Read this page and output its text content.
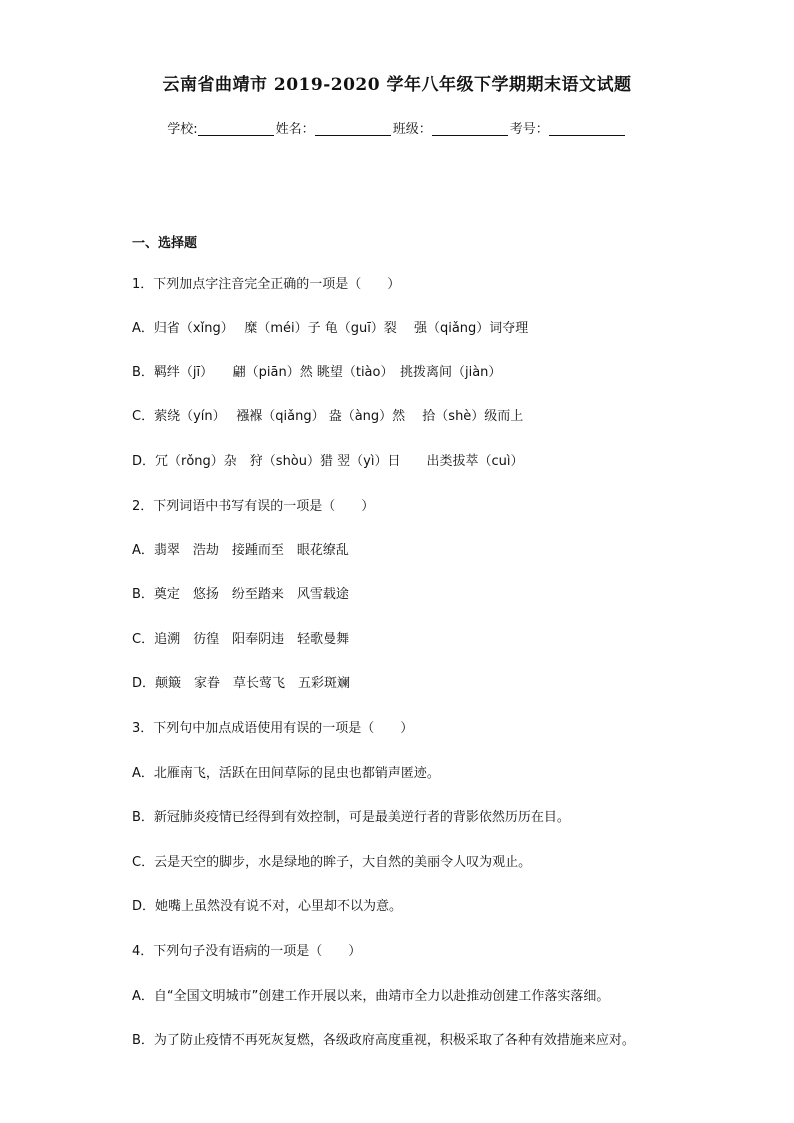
云南省曲靖市 2019-2020 学年八年级下学期期末语文试题
学校:	姓名：	班级：	考号：
一、选择题
1．下列加点字注音完全正确的一项是（　　）
A．归省（xǐng）　 糜（méi）子 龟（guī）裂 　强（qiǎng）词夺理
B．羁绊（jī）　　翩（piān）然 眺望（tiào）　挑拨离间（jiàn）
C．萦绕（yín）　 襁褓（qiǎng） 盎（àng）然 　拾（shè）级而上
D．冗（rǒng）杂　狩（shòu）猎 翌（yì）日　　出类拔萃（cuì）
2．下列词语中书写有误的一项是（　　）
A．翡翠　浩劫　接踵而至　眼花缭乱
B．奠定　悠扬　纷至踏来　风雪载途
C．追溯　彷徨　阳奉阴违　轻歌曼舞
D．颠簸　家眷　草长莺飞　五彩斑斓
3．下列句中加点成语使用有误的一项是（　　）
A．北雁南飞，活跃在田间草际的昆虫也都销声匿迹。
B．新冠肺炎疫情已经得到有效控制，可是最美逆行者的背影依然历历在目。
C．云是天空的脚步，水是绿地的眸子，大自然的美丽令人叹为观止。
D．她嘴上虽然没有说不对，心里却不以为意。
4．下列句子没有语病的一项是（　　）
A．自“全国文明城市”创建工作开展以来，曲靖市全力以赴推动创建工作落实落细。
B．为了防止疫情不再死灰复燃，各级政府高度重视，积极采取了各种有效措施来应对。
